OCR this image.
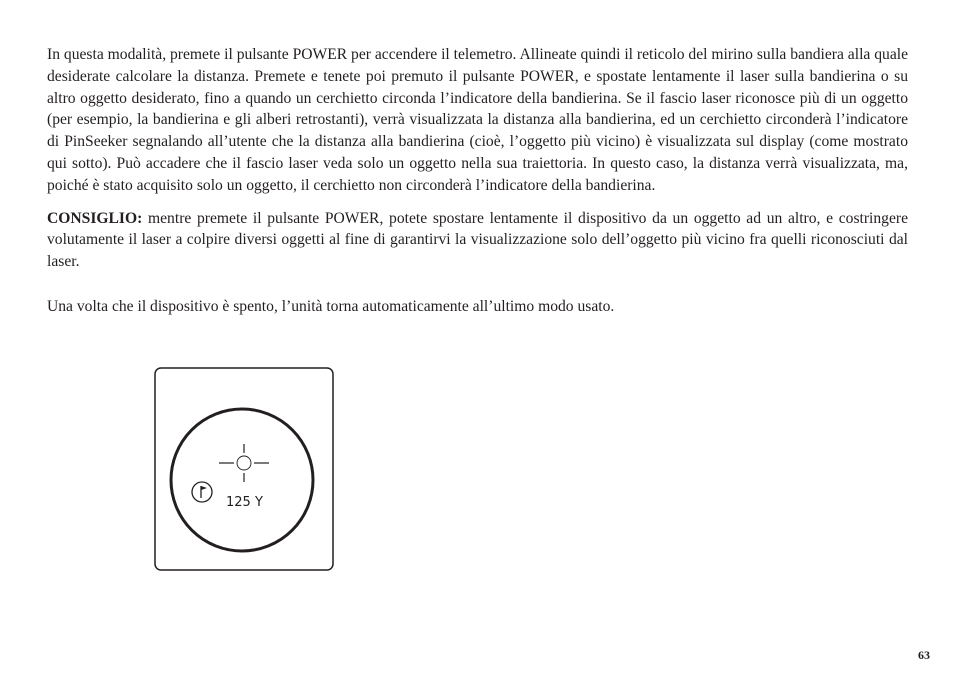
In questa modalità, premete il pulsante POWER per accendere il telemetro. Allineate quindi il reticolo del mirino sulla bandiera alla quale desiderate calcolare la distanza. Premete e tenete poi premuto il pulsante POWER, e spostate lentamente il laser sulla bandierina o su altro oggetto desiderato, fino a quando un cerchietto circonda l’indicatore della bandierina. Se il fascio laser riconosce più di un oggetto (per esempio, la bandierina e gli alberi retrostanti), verrà visualizzata la distanza alla bandierina, ed un cerchietto circonderà l’indicatore di PinSeeker segnalando all’utente che la distanza alla bandierina (cioè, l’oggetto più vicino) è visualizzata sul display (come mostrato qui sotto). Può accadere che il fascio laser veda solo un oggetto nella sua traiettoria. In questo caso, la distanza verrà visualizzata, ma, poiché è stato acquisito solo un oggetto, il cerchietto non circonderà l’indicatore della bandierina.

CONSIGLIO: mentre premete il pulsante POWER, potete spostare lentamente il dispositivo da un oggetto ad un altro, e costringere volutamente il laser a colpire diversi oggetti al fine di garantirvi la visualizzazione solo dell’oggetto più vicino fra quelli riconosciuti dal laser.

Una volta che il dispositivo è spento, l’unità torna automaticamente all’ultimo modo usato.

125 Y
63
